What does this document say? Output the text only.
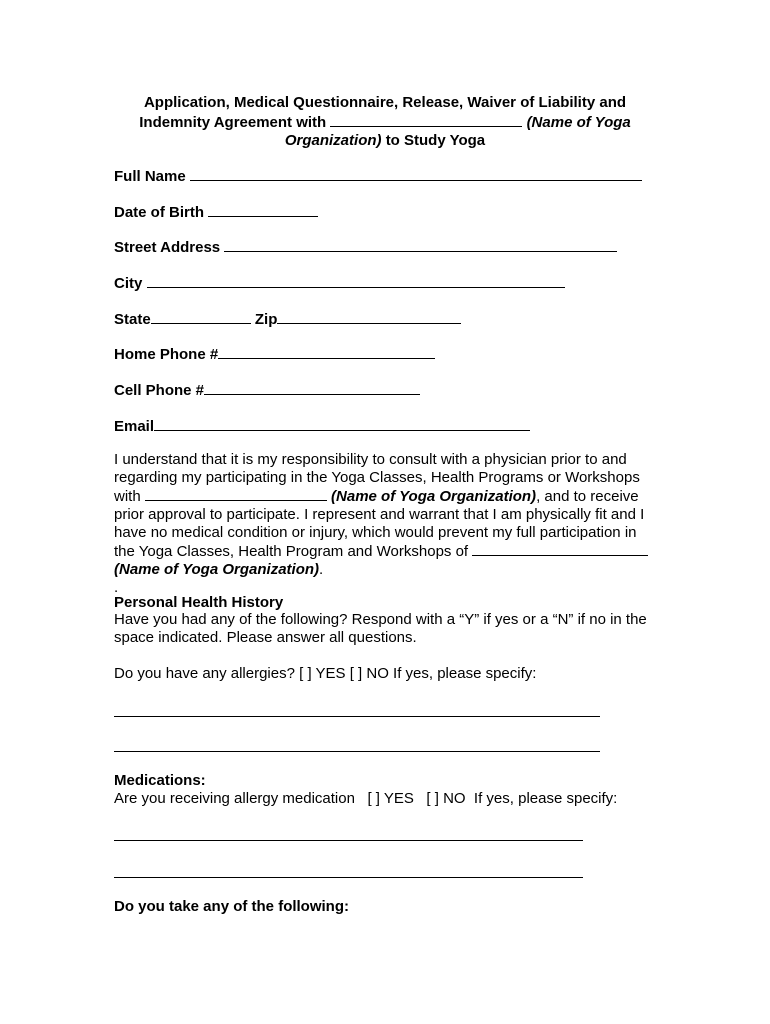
Application, Medical Questionnaire, Release, Waiver of Liability and
Indemnity Agreement with	(Name of Yoga
Organization) to Study Yoga
Full Name
Date of Birth
Street Address
City
State	Zip
Home Phone #
Cell Phone #
Email
I understand that it is my responsibility to consult with a physician prior to and regarding my participating in the Yoga Classes, Health Programs or Workshops with	(Name of Yoga Organization), and to receive prior approval to participate. I represent and warrant that I am physically fit and I have no medical condition or injury, which would prevent my full participation in the Yoga Classes, Health Program and Workshops of  (Name of Yoga Organization).
.
Personal Health History
Have you had any of the following? Respond with a “Y” if yes or a “N” if no in the space indicated. Please answer all questions.
Do you have any allergies? [ ] YES [ ] NO If yes, please specify:
Medications:
Are you receiving allergy medication [ ] YES [ ] NO If yes, please specify:
Do you take any of the following:
